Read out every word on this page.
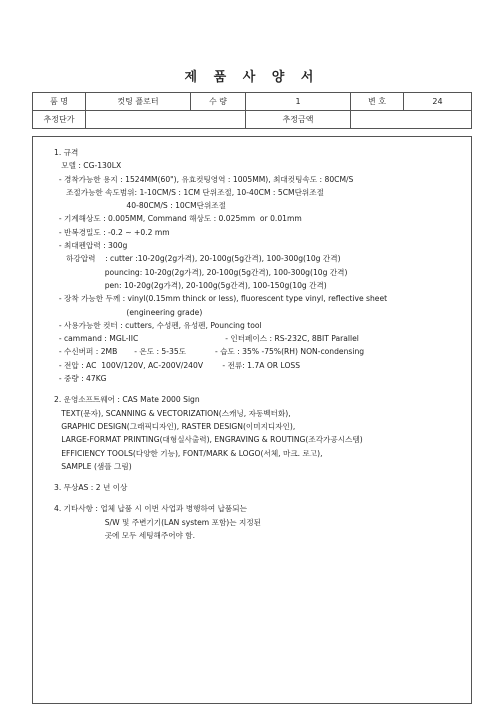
제 품 사 양 서
품 명	컷팅 플로터	수 량	1	변 호	24
추정단가			추정금액		
1. 규격
모델 : CG-130LX
- 경착가능한 용지 : 1524MM(60"), 유효컷팅영역 : 1005MM), 최대컷팅속도 : 80CM/S
조절가능한 속도범위: 1-10CM/S : 1CM 단위조절, 10-40CM : 5CM단위조절
40-80CM/S : 10CM단위조절
- 기계해상도 : 0.005MM, Command 해상도 : 0.025mm  or 0.01mm
- 반복경밀도 : -0.2 ~ +0.2 mm
- 최대펜압력 : 300g
하강압력    : cutter :10-20g(2g가격), 20-100g(5g간격), 100-300g(10g 간격)
pouncing: 10-20g(2g가격), 20-100g(5g간격), 100-300g(10g 간격)
pen: 10-20g(2g가격), 20-100g(5g간격), 100-150g(10g 간격)
- 장착 가능한 두께 : vinyl(0.15mm thinck or less), fluorescent type vinyl, reflective sheet
(engineering grade)
- 사용가능한 컷터 : cutters, 수성펜, 유성펜, Pouncing tool
- cammand : MGL-IIC                                    - 인터페이스 : RS-232C, 8BIT Parallel
- 수신버퍼 : 2MB       - 온도 : 5-35도            - 습도 : 35% -75%(RH) NON-condensing
- 전압 : AC  100V/120V, AC-200V/240V        - 전류: 1.7A OR LOSS
- 중량 : 47KG
2. 운영소프트웨어 : CAS Mate 2000 Sign
TEXT(문자), SCANNING & VECTORIZATION(스캐닝, 자동벡터화),
GRAPHIC DESIGN(그래픽디자인), RASTER DESIGN(이미지디자인),
LARGE-FORMAT PRINTING(대형실사출력), ENGRAVING & ROUTING(조각가공시스템)
EFFICIENCY TOOLS(다양한 기능), FONT/MARK & LOGO(서체, 마크. 로고),
SAMPLE (샘플 그림)
3. 무상AS : 2 년 이상
4. 기타사항 : 업체 납품 시 이번 사업과 병행하여 납품되는
S/W 및 주변기기(LAN system 포함)는 지정된
곳에 모두 세팅해주어야 함.
